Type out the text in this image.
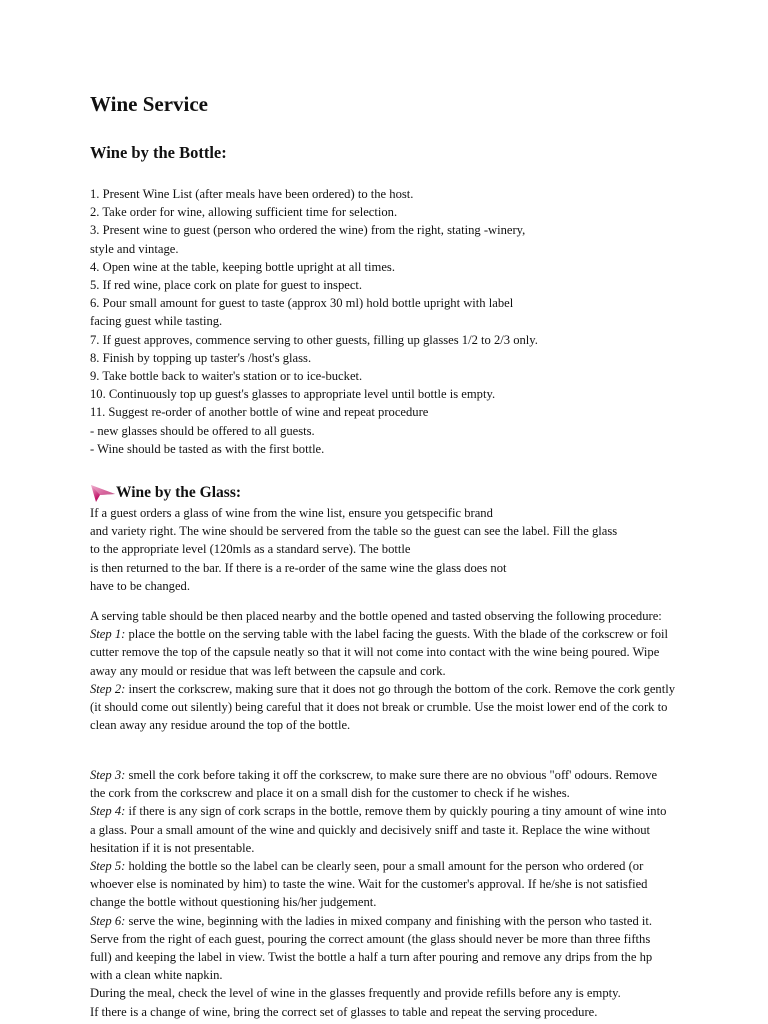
Wine Service
Wine by the Bottle:
1. Present Wine List (after meals have been ordered) to the host.
2. Take order for wine, allowing sufficient time for selection.
3. Present wine to guest (person who ordered the wine) from the right, stating -winery,
style and vintage.
4. Open wine at the table, keeping bottle upright at all times.
5. If red wine, place cork on plate for guest to inspect.
6. Pour small amount for guest to taste (approx 30 ml) hold bottle upright with label
facing guest while tasting.
7. If guest approves, commence serving to other guests, filling up glasses 1/2 to 2/3 only.
8. Finish by topping up taster's /host's glass.
9. Take bottle back to waiter's station or to ice-bucket.
10. Continuously top up guest's glasses to appropriate level until bottle is empty.
11. Suggest re-order of another bottle of wine and repeat procedure
- new glasses should be offered to all guests.
- Wine should be tasted as with the first bottle.
Wine by the Glass:
If a guest orders a glass of wine from the wine list, ensure you getspecific brand
and variety right. The wine should be servered from the table so the guest can see the label. Fill the glass
to the appropriate level (120mls as a standard serve). The bottle
is then returned to the bar. If there is a re-order of the same wine the glass does not
have to be changed.

A serving table should be then placed nearby and the bottle opened and tasted observing the following procedure:

Step 1: place the bottle on the serving table with the label facing the guests. With the blade of the corkscrew or foil cutter remove the top of the capsule neatly so that it will not come into contact with the wine being poured. Wipe away any mould or residue that was left between the capsule and cork.

Step 2: insert the corkscrew, making sure that it does not go through the bottom of the cork. Remove the cork gently (it should come out silently) being careful that it does not break or crumble. Use the moist lower end of the cork to clean away any residue around the top of the bottle.

Step 3: smell the cork before taking it off the corkscrew, to make sure there are no obvious "off' odours. Remove the cork from the corkscrew and place it on a small dish for the customer to check if he wishes.

Step 4: if there is any sign of cork scraps in the bottle, remove them by quickly pouring a tiny amount of wine into a glass. Pour a small amount of the wine and quickly and decisively sniff and taste it. Replace the wine without hesitation if it is not presentable.

Step 5: holding the bottle so the label can be clearly seen, pour a small amount for the person who ordered (or whoever else is nominated by him) to taste the wine. Wait for the customer's approval. If he/she is not satisfied change the bottle without questioning his/her judgement.

Step 6: serve the wine, beginning with the ladies in mixed company and finishing with the person who tasted it. Serve from the right of each guest, pouring the correct amount (the glass should never be more than three fifths full) and keeping the label in view. Twist the bottle a half a turn after pouring and remove any drips from the hp with a clean white napkin.

During the meal, check the level of wine in the glasses frequently and provide refills before any is empty.

If there is a change of wine, bring the correct set of glasses to table and repeat the serving procedure.
